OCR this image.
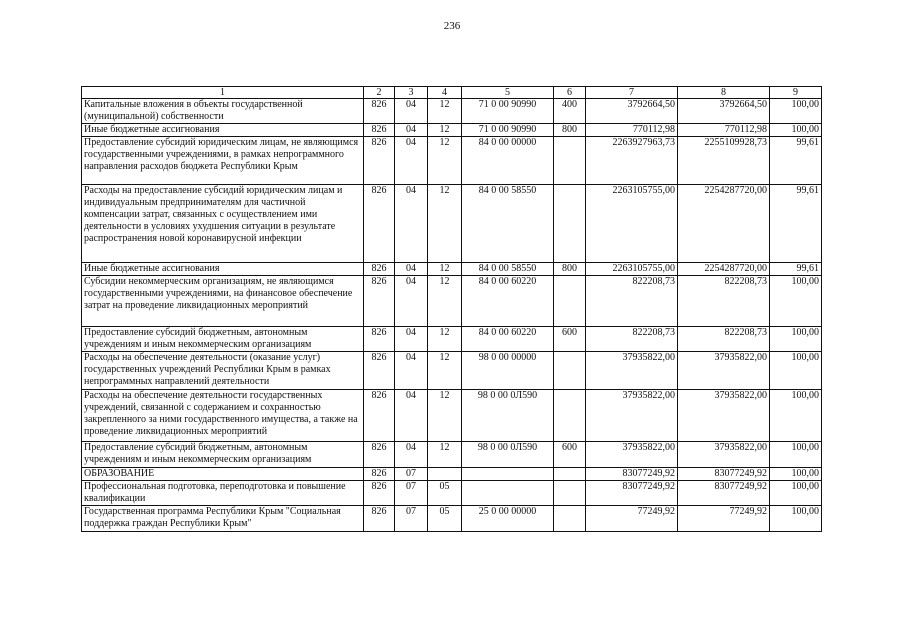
236
1	2	3	4	5	6	7	8	9
Капитальные вложения в объекты государственной (муниципальной) собственности	826	04	12	71 0 00 90990	400	3792664,50	3792664,50	100,00
Иные бюджетные ассигнования	826	04	12	71 0 00 90990	800	770112,98	770112,98	100,00
Предоставление субсидий юридическим лицам, не являющимся государственными учреждениями, в рамках непрограммного направления расходов бюджета Республики Крым	826	04	12	84 0 00 00000		2263927963,73	2255109928,73	99,61
Расходы на предоставление субсидий юридическим лицам и индивидуальным предпринимателям для частичной компенсации затрат, связанных с осуществлением ими деятельности в условиях ухудшения ситуации в результате распространения новой коронавирусной инфекции	826	04	12	84 0 00 58550		2263105755,00	2254287720,00	99,61
Иные бюджетные ассигнования	826	04	12	84 0 00 58550	800	2263105755,00	2254287720,00	99,61
Субсидии некоммерческим организациям, не являющимся государственными учреждениями, на финансовое обеспечение затрат на проведение ликвидационных мероприятий	826	04	12	84 0 00 60220		822208,73	822208,73	100,00
Предоставление субсидий бюджетным, автономным учреждениям и иным некоммерческим организациям	826	04	12	84 0 00 60220	600	822208,73	822208,73	100,00
Расходы на обеспечение деятельности (оказание услуг) государственных учреждений Республики Крым в рамках непрограммных направлений деятельности	826	04	12	98 0 00 00000		37935822,00	37935822,00	100,00
Расходы на обеспечение деятельности государственных учреждений, связанной с содержанием и сохранностью закрепленного за ними государственного имущества, а также на проведение ликвидационных мероприятий	826	04	12	98 0 00 0Л590		37935822,00	37935822,00	100,00
Предоставление субсидий бюджетным, автономным учреждениям и иным некоммерческим организациям	826	04	12	98 0 00 0Л590	600	37935822,00	37935822,00	100,00
ОБРАЗОВАНИЕ	826	07				83077249,92	83077249,92	100,00
Профессиональная подготовка, переподготовка и повышение квалификации	826	07	05			83077249,92	83077249,92	100,00
Государственная программа Республики Крым "Социальная поддержка граждан Республики Крым"	826	07	05	25 0 00 00000		77249,92	77249,92	100,00
